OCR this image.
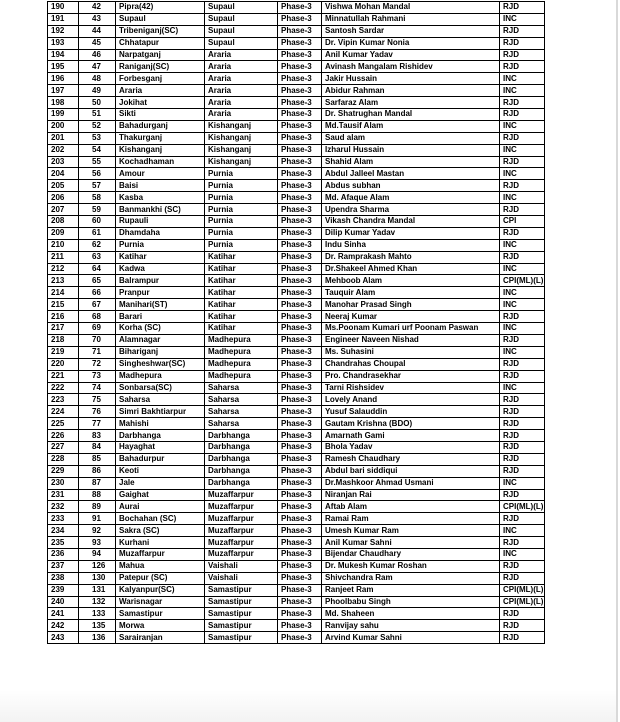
190	42	Pipra(42)	Supaul	Phase-3	Vishwa Mohan Mandal	RJD
191	43	Supaul	Supaul	Phase-3	Minnatullah Rahmani	INC
192	44	Tribeniganj(SC)	Supaul	Phase-3	Santosh Sardar	RJD
193	45	Chhatapur	Supaul	Phase-3	Dr. Vipin Kumar Nonia	RJD
194	46	Narpatganj	Araria	Phase-3	Anil Kumar Yadav	RJD
195	47	Raniganj(SC)	Araria	Phase-3	Avinash Mangalam Rishidev	RJD
196	48	Forbesganj	Araria	Phase-3	Jakir Hussain	INC
197	49	Araria	Araria	Phase-3	Abidur Rahman	INC
198	50	Jokihat	Araria	Phase-3	Sarfaraz Alam	RJD
199	51	Sikti	Araria	Phase-3	Dr. Shatrughan Mandal	RJD
200	52	Bahadurganj	Kishanganj	Phase-3	Md.Tausif Alam	INC
201	53	Thakurganj	Kishanganj	Phase-3	Saud alam	RJD
202	54	Kishanganj	Kishanganj	Phase-3	Izharul Hussain	INC
203	55	Kochadhaman	Kishanganj	Phase-3	Shahid Alam	RJD
204	56	Amour	Purnia	Phase-3	Abdul Jalleel Mastan	INC
205	57	Baisi	Purnia	Phase-3	Abdus subhan	RJD
206	58	Kasba	Purnia	Phase-3	Md. Afaque Alam	INC
207	59	Banmankhi (SC)	Purnia	Phase-3	Upendra Sharma	RJD
208	60	Rupauli	Purnia	Phase-3	Vikash Chandra Mandal	CPI
209	61	Dhamdaha	Purnia	Phase-3	Dilip Kumar Yadav	RJD
210	62	Purnia	Purnia	Phase-3	Indu Sinha	INC
211	63	Katihar	Katihar	Phase-3	Dr. Ramprakash Mahto	RJD
212	64	Kadwa	Katihar	Phase-3	Dr.Shakeel Ahmed Khan	INC
213	65	Balrampur	Katihar	Phase-3	Mehboob Alam	CPI(ML)(L)
214	66	Pranpur	Katihar	Phase-3	Tauquir Alam	INC
215	67	Manihari(ST)	Katihar	Phase-3	Manohar Prasad Singh	INC
216	68	Barari	Katihar	Phase-3	Neeraj Kumar	RJD
217	69	Korha (SC)	Katihar	Phase-3	Ms.Poonam Kumari urf Poonam Paswan	INC
218	70	Alamnagar	Madhepura	Phase-3	Engineer Naveen Nishad	RJD
219	71	Bihariganj	Madhepura	Phase-3	Ms. Suhasini	INC
220	72	Singheshwar(SC)	Madhepura	Phase-3	Chandrahas Choupal	RJD
221	73	Madhepura	Madhepura	Phase-3	Pro. Chandrasekhar	RJD
222	74	Sonbarsa(SC)	Saharsa	Phase-3	Tarni Rishsidev	INC
223	75	Saharsa	Saharsa	Phase-3	Lovely Anand	RJD
224	76	Simri Bakhtiarpur	Saharsa	Phase-3	Yusuf Salauddin	RJD
225	77	Mahishi	Saharsa	Phase-3	Gautam Krishna (BDO)	RJD
226	83	Darbhanga	Darbhanga	Phase-3	Amarnath Gami	RJD
227	84	Hayaghat	Darbhanga	Phase-3	Bhola Yadav	RJD
228	85	Bahadurpur	Darbhanga	Phase-3	Ramesh Chaudhary	RJD
229	86	Keoti	Darbhanga	Phase-3	Abdul bari siddiqui	RJD
230	87	Jale	Darbhanga	Phase-3	Dr.Mashkoor Ahmad Usmani	INC
231	88	Gaighat	Muzaffarpur	Phase-3	Niranjan Rai	RJD
232	89	Aurai	Muzaffarpur	Phase-3	Aftab Alam	CPI(ML)(L)
233	91	Bochahan (SC)	Muzaffarpur	Phase-3	Ramai Ram	RJD
234	92	Sakra (SC)	Muzaffarpur	Phase-3	Umesh Kumar Ram	INC
235	93	Kurhani	Muzaffarpur	Phase-3	Anil Kumar Sahni	RJD
236	94	Muzaffarpur	Muzaffarpur	Phase-3	Bijendar Chaudhary	INC
237	126	Mahua	Vaishali	Phase-3	Dr. Mukesh Kumar Roshan	RJD
238	130	Patepur (SC)	Vaishali	Phase-3	Shivchandra Ram	RJD
239	131	Kalyanpur(SC)	Samastipur	Phase-3	Ranjeet Ram	CPI(ML)(L)
240	132	Warisnagar	Samastipur	Phase-3	Phoolbabu Singh	CPI(ML)(L)
241	133	Samastipur	Samastipur	Phase-3	Md. Shaheen	RJD
242	135	Morwa	Samastipur	Phase-3	Ranvijay sahu	RJD
243	136	Sarairanjan	Samastipur	Phase-3	Arvind Kumar Sahni	RJD
